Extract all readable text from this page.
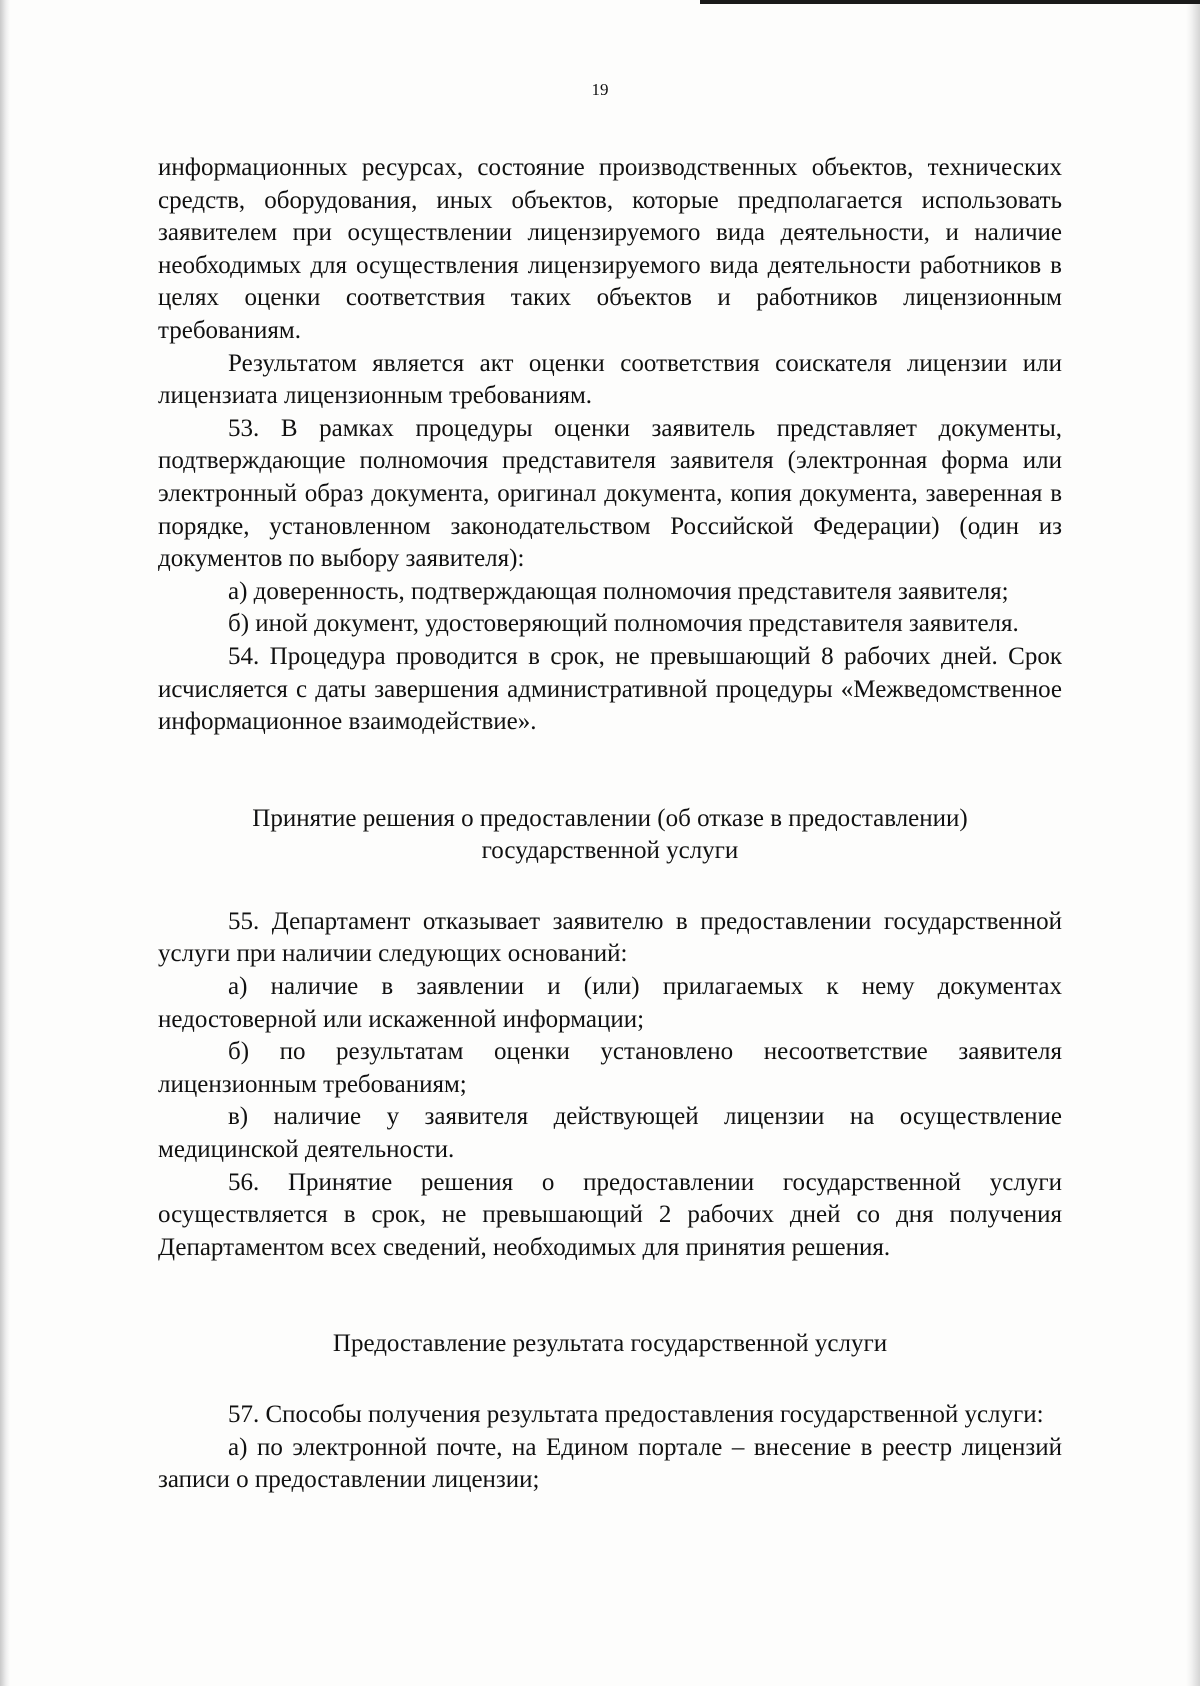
19

информационных ресурсах, состояние производственных объектов, технических средств, оборудования, иных объектов, которые предполагается использовать заявителем при осуществлении лицензируемого вида деятельности, и наличие необходимых для осуществления лицензируемого вида деятельности работников в целях оценки соответствия таких объектов и работников лицензионным требованиям.

Результатом является акт оценки соответствия соискателя лицензии или лицензиата лицензионным требованиям.

53. В рамках процедуры оценки заявитель представляет документы, подтверждающие полномочия представителя заявителя (электронная форма или электронный образ документа, оригинал документа, копия документа, заверенная в порядке, установленном законодательством Российской Федерации) (один из документов по выбору заявителя):

а) доверенность, подтверждающая полномочия представителя заявителя;

б) иной документ, удостоверяющий полномочия представителя заявителя.

54. Процедура проводится в срок, не превышающий 8 рабочих дней. Срок исчисляется с даты завершения административной процедуры «Межведомственное информационное взаимодействие».

Принятие решения о предоставлении (об отказе в предоставлении)
государственной услуги

55. Департамент отказывает заявителю в предоставлении государственной услуги при наличии следующих оснований:

а) наличие в заявлении и (или) прилагаемых к нему документах недостоверной или искаженной информации;

б) по результатам оценки установлено несоответствие заявителя лицензионным требованиям;

в) наличие у заявителя действующей лицензии на осуществление медицинской деятельности.

56. Принятие решения о предоставлении государственной услуги осуществляется в срок, не превышающий 2 рабочих дней со дня получения Департаментом всех сведений, необходимых для принятия решения.

Предоставление результата государственной услуги

57. Способы получения результата предоставления государственной услуги:

а) по электронной почте, на Едином портале – внесение в реестр лицензий записи о предоставлении лицензии;
